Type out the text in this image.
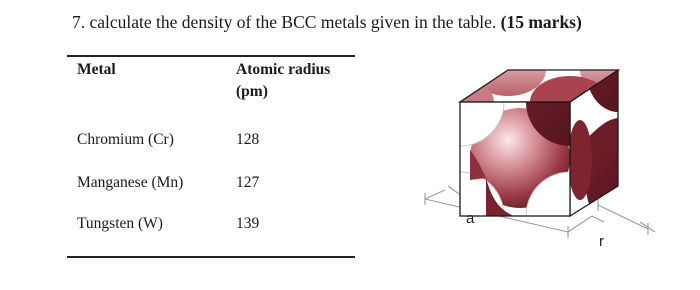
7. calculate the density of the BCC metals given in the table. (15 marks)
Metal	Atomic radius (pm)
Chromium (Cr)	128
Manganese (Mn)	127
Tungsten (W)	139	a
r
